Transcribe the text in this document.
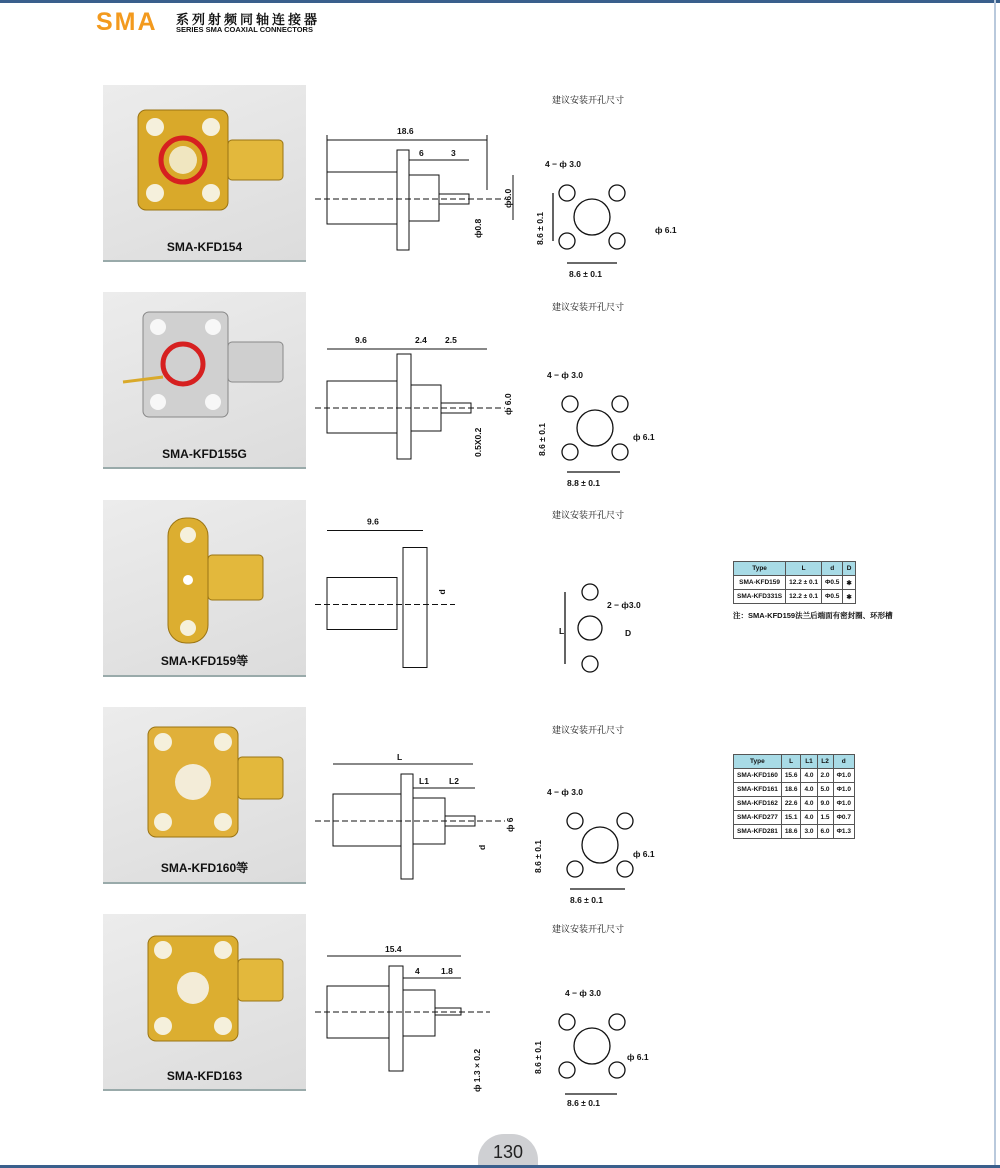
SMA 系列射频同轴连接器
SERIES SMA COAXIAL CONNECTORS
SMA-KFD154
18.6
6	3
ф6.0
ф0.8
建议安装开孔尺寸
4 − ф 3.0
8.6 ± 0.1
8.6 ± 0.1
ф 6.1
SMA-KFD155G
9.6	2.4 2.5
ф 6.0
0.5X0.2
建议安装开孔尺寸
4 − ф 3.0
8.6 ± 0.1
8.8 ± 0.1
ф 6.1
SMA-KFD159等
9.6
d
建议安装开孔尺寸
2 − ф3.0
L	D
SMA-KFD160等
L
L1 L2
ф 6
d
建议安装开孔尺寸
4 − ф 3.0
8.6 ± 0.1
8.6 ± 0.1
ф 6.1
SMA-KFD163
15.4
4	1.8
ф 1.3 × 0.2
建议安装开孔尺寸
4 − ф 3.0
8.6 ± 0.1
8.6 ± 0.1
ф 6.1
Type	L	d	D
SMA-KFD159	12.2 ± 0.1	Φ0.5	✱
SMA-KFD331S	12.2 ± 0.1	Φ0.5	✱
注：SMA-KFD159法兰后端面有密封圈、环形槽
Type	L	L1	L2	d
SMA-KFD160	15.6	4.0	2.0	Φ1.0
SMA-KFD161	18.6	4.0	5.0	Φ1.0
SMA-KFD162	22.6	4.0	9.0	Φ1.0
SMA-KFD277	15.1	4.0	1.5	Φ0.7
SMA-KFD281	18.6	3.0	6.0	Φ1.3
130
